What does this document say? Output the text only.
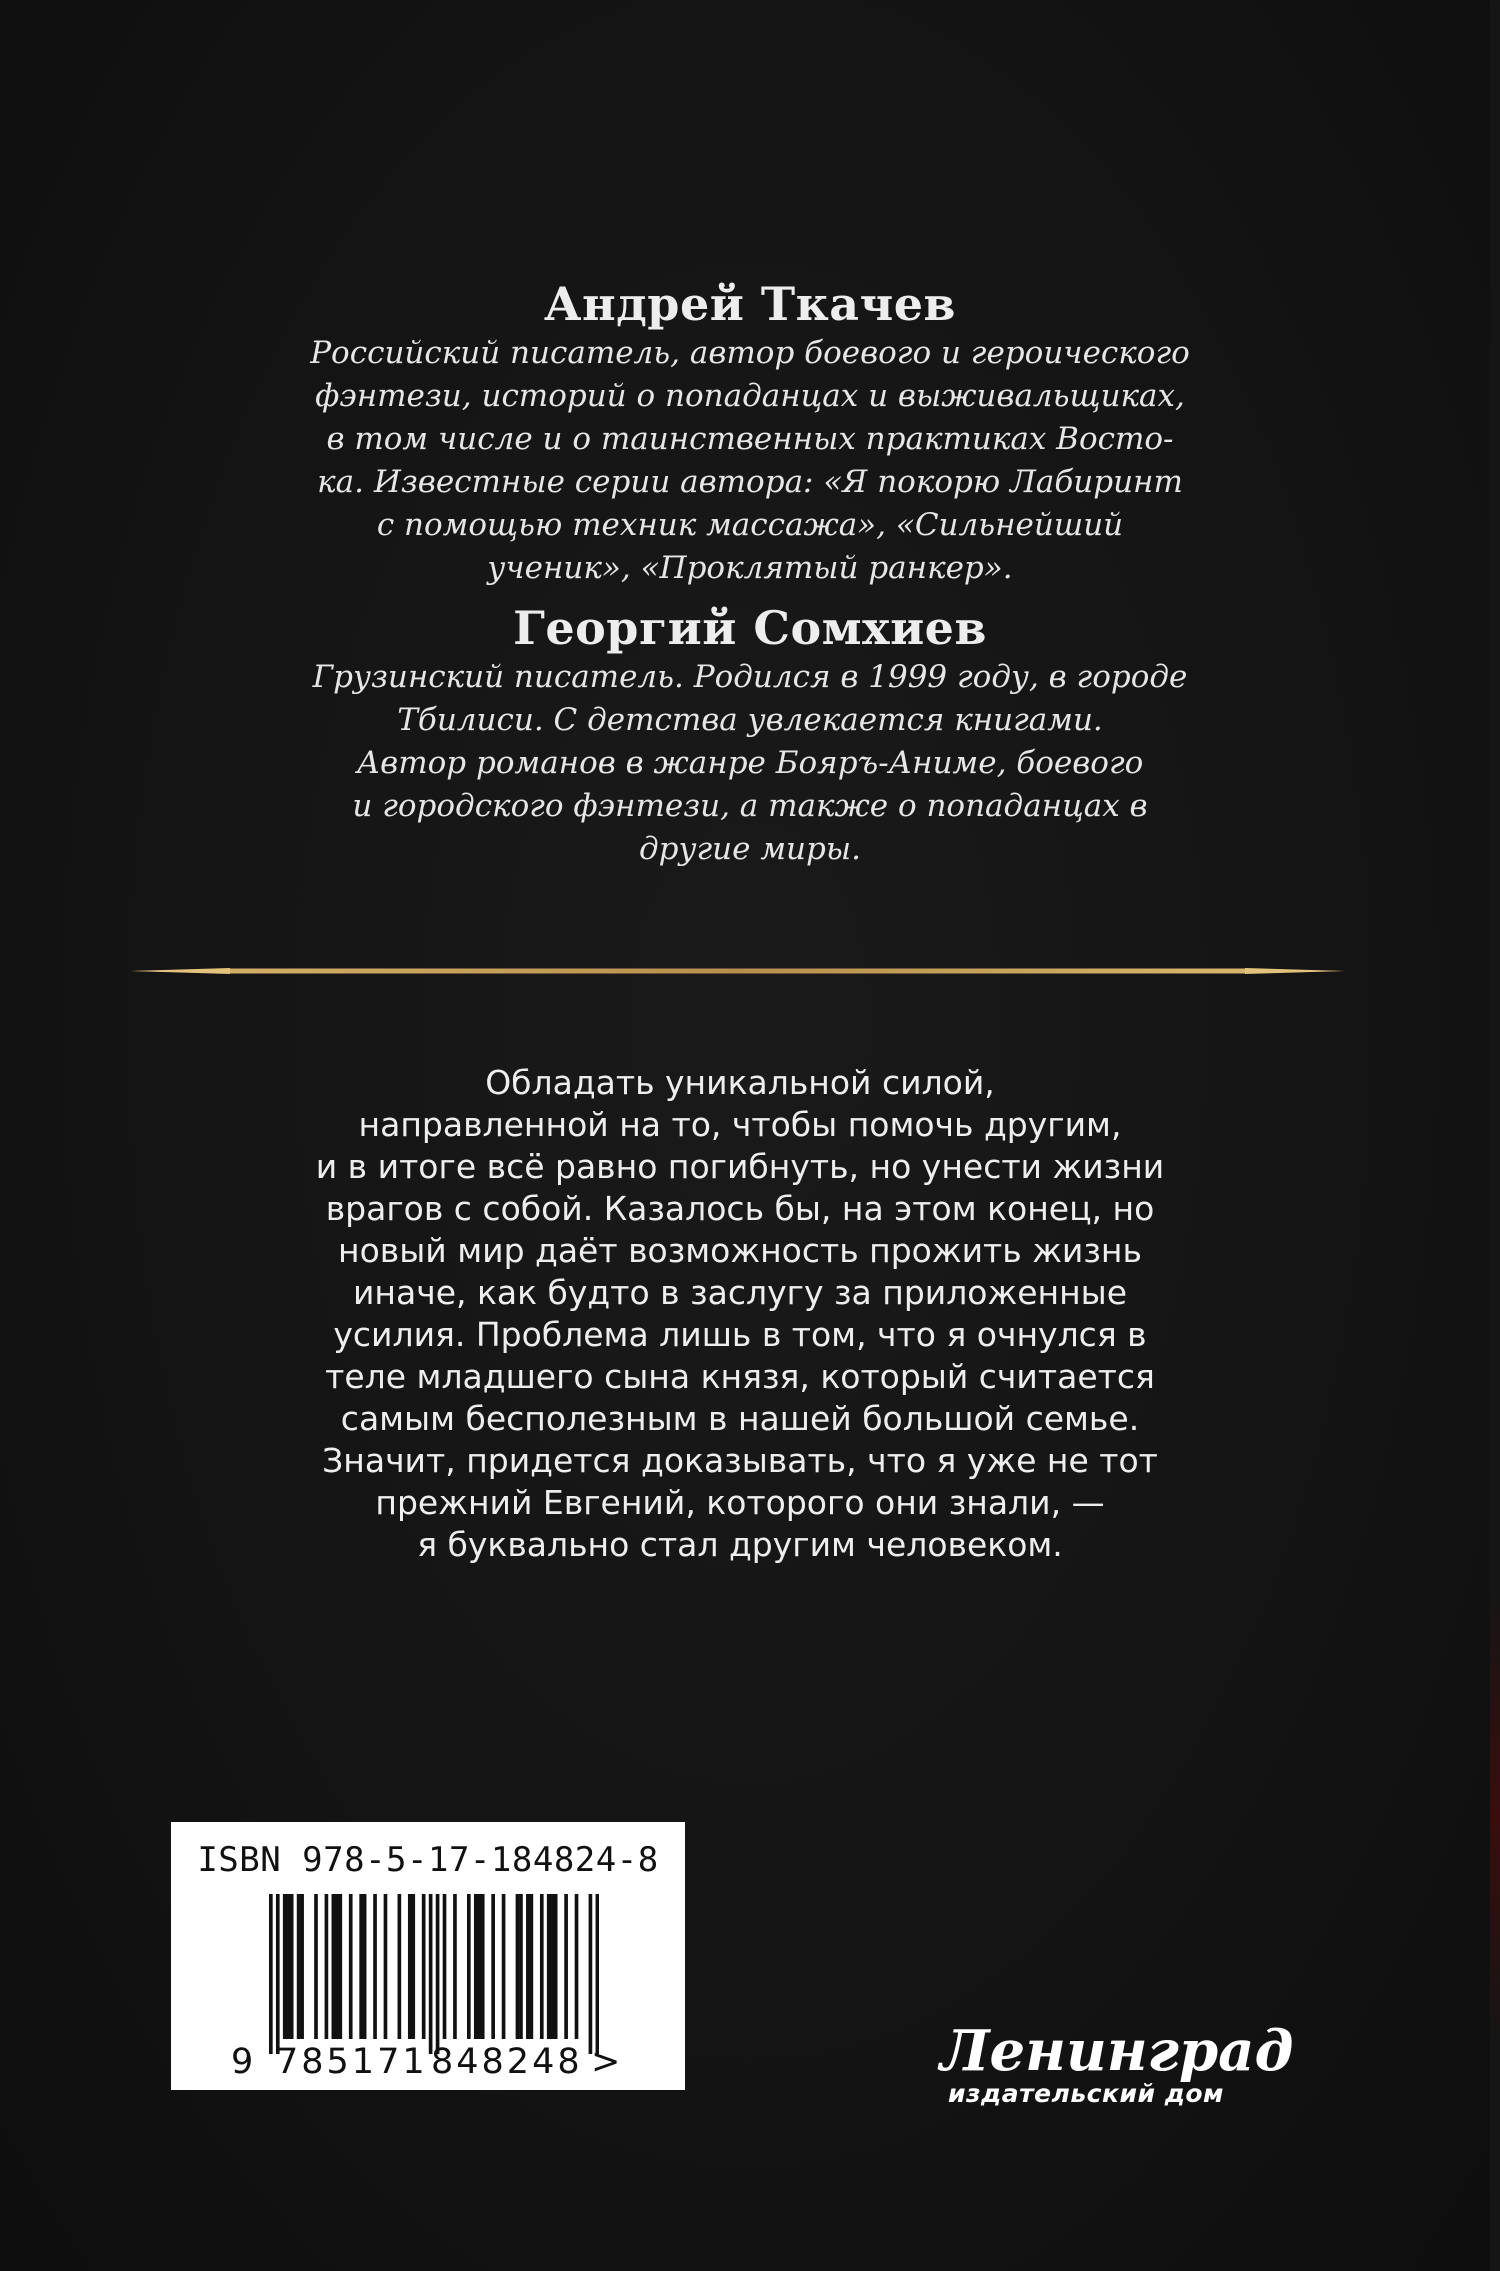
Андрей Ткачев
Российский писатель, автор боевого и героического
фэнтези, историй о попаданцах и выживальщиках,
в том числе и о таинственных практиках Восто-
ка. Известные серии автора: «Я покорю Лабиринт
с помощью техник массажа», «Сильнейший
ученик», «Проклятый ранкер».
Георгий Сомхиев
Грузинский писатель. Родился в 1999 году, в городе
Тбилиси. С детства увлекается книгами.
Автор романов в жанре Бояръ-Аниме, боевого
и городского фэнтези, а также о попаданцах в
другие миры.
Обладать уникальной силой,
направленной на то, чтобы помочь другим,
и в итоге всё равно погибнуть, но унести жизни
врагов с собой. Казалось бы, на этом конец, но
новый мир даёт возможность прожить жизнь
иначе, как будто в заслугу за приложенные
усилия. Проблема лишь в том, что я очнулся в
теле младшего сына князя, который считается
самым бесполезным в нашей большой семье.
Значит, придется доказывать, что я уже не тот
прежний Евгений, которого они знали, —
я буквально стал другим человеком.
ISBN 978-5-17-184824-8
9 785171 848248 >	Ленинград
издательский дом
